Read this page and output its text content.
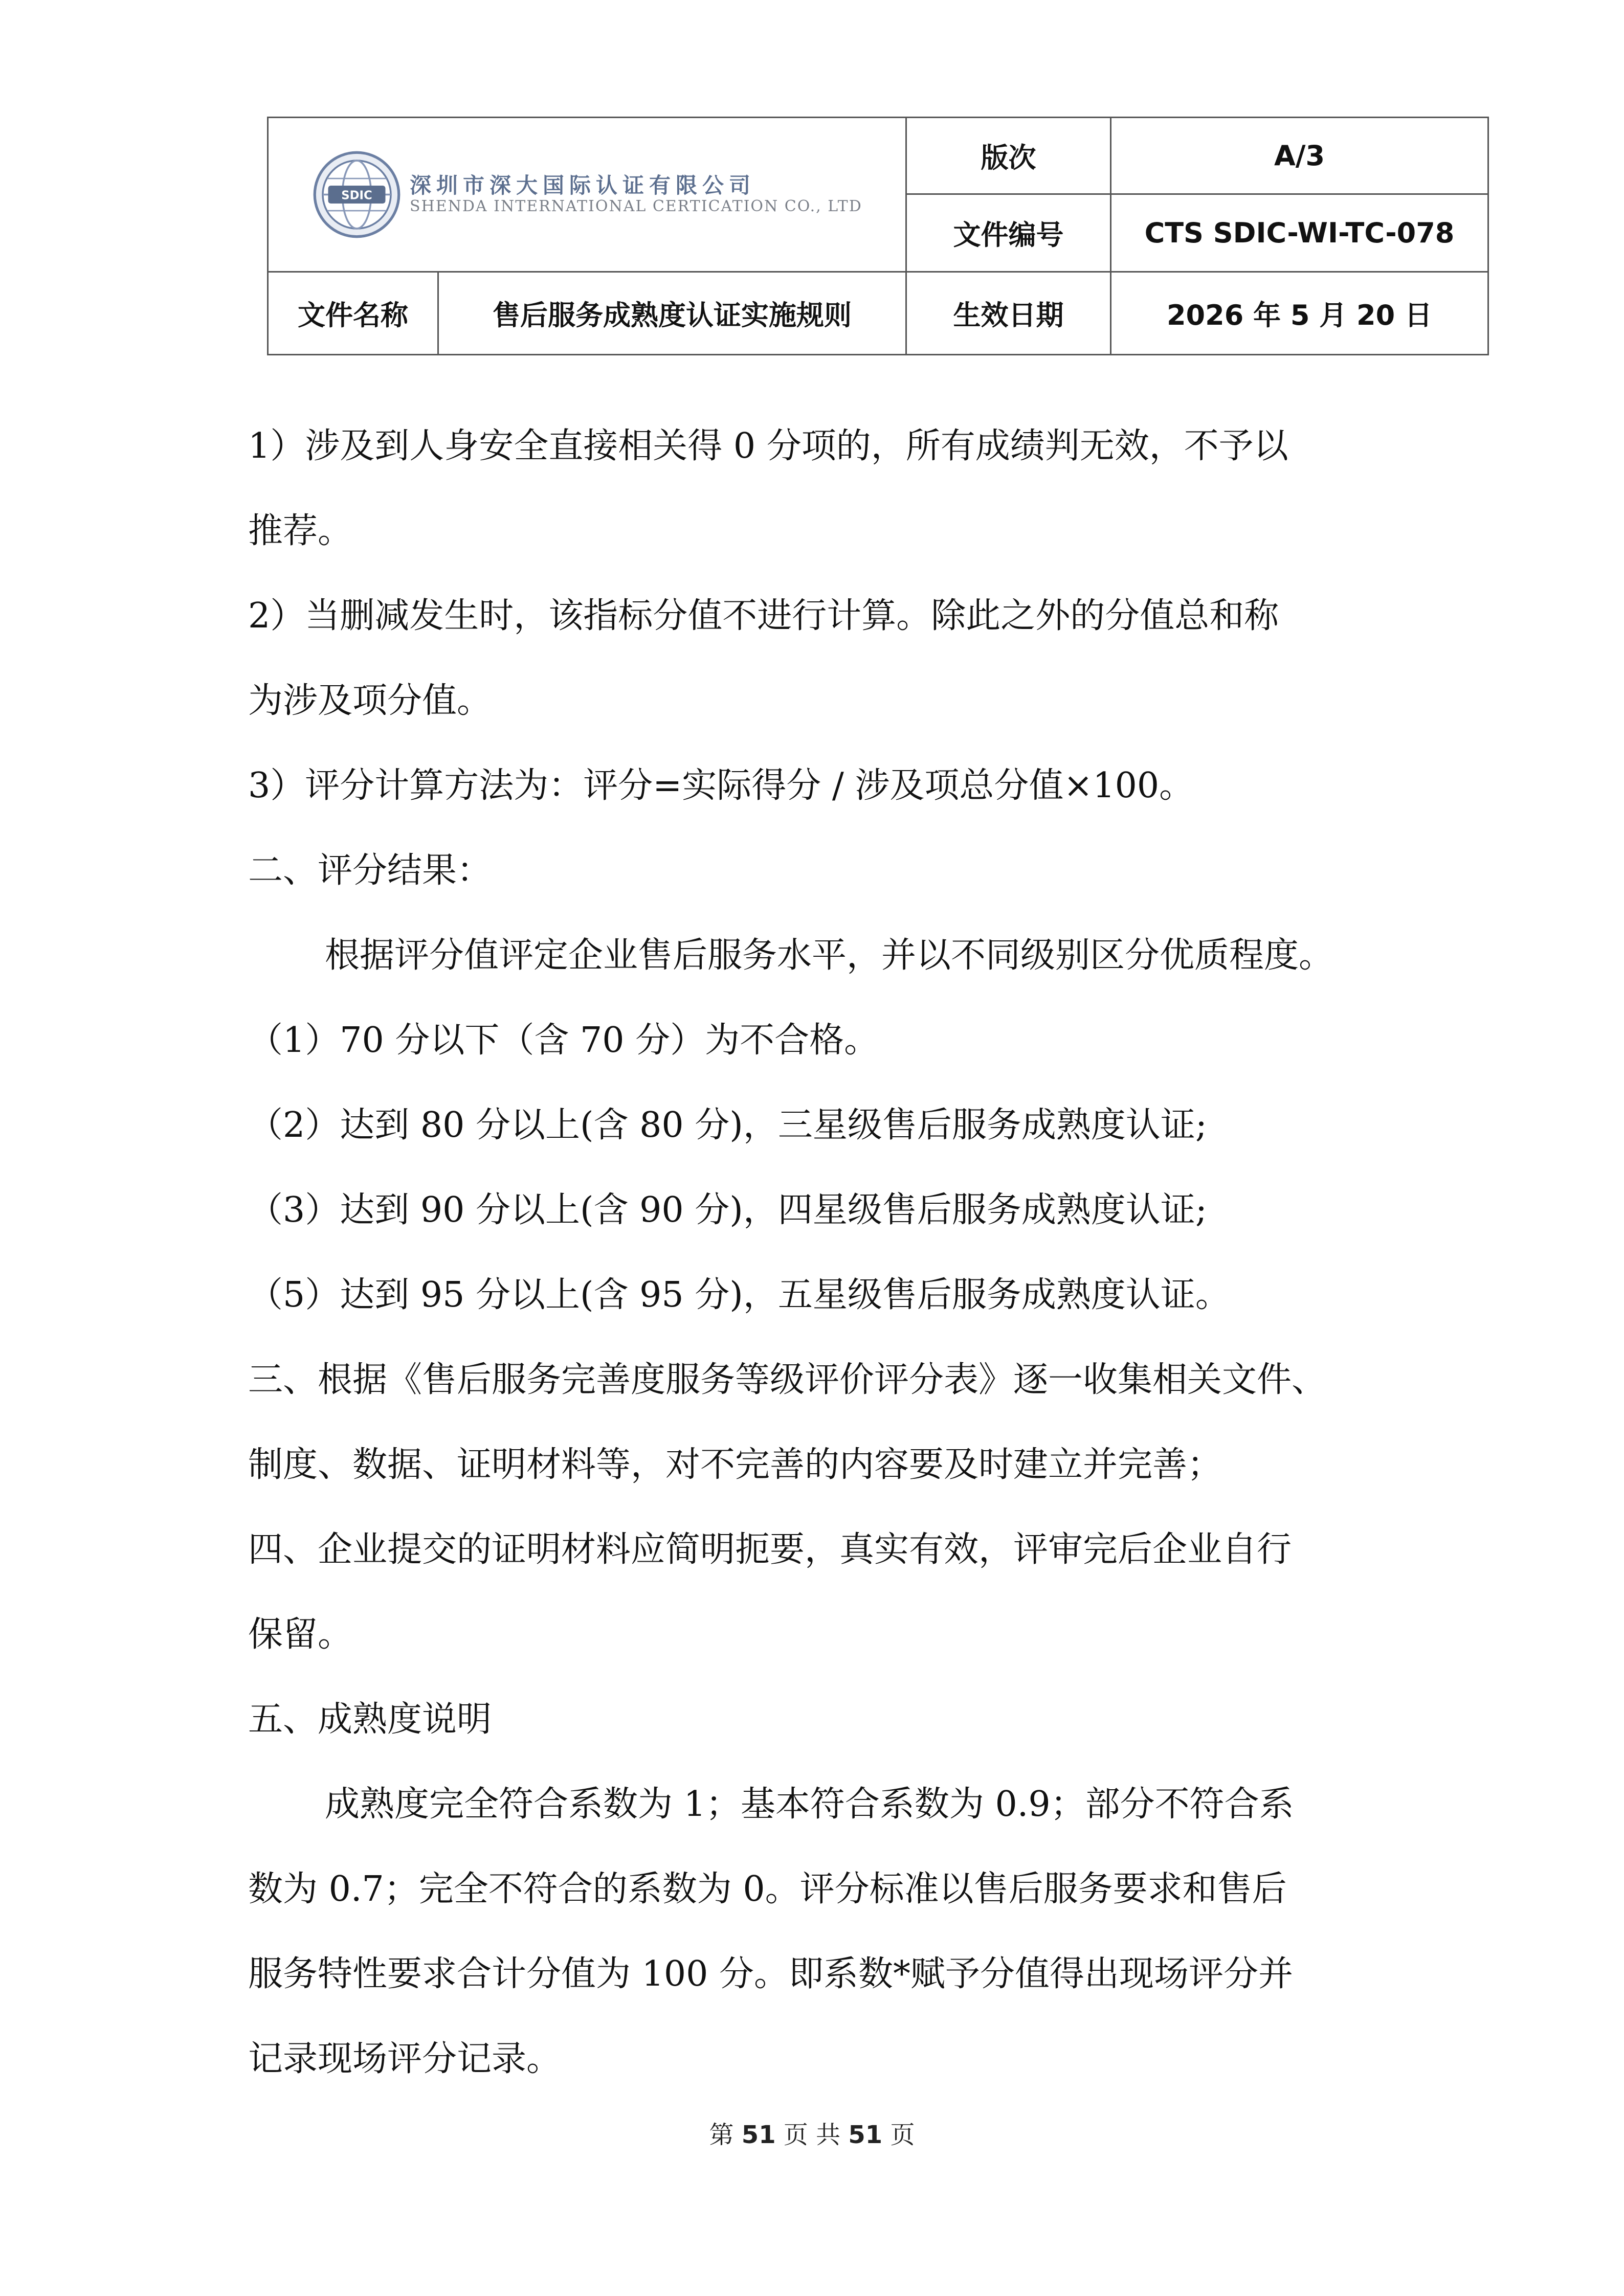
SDIC 深圳市深大国际认证有限公司
SHENDA INTERNATIONAL CERTICATION CO., LTD		版次	A/3
		文件编号	CTS SDIC-WI-TC-078
文件名称	售后服务成熟度认证实施规则	生效日期	2026 年 5 月 20 日

1）涉及到人身安全直接相关得 0 分项的，所有成绩判无效，不予以

推荐。

2）当删减发生时，该指标分值不进行计算。除此之外的分值总和称

为涉及项分值。

3）评分计算方法为：评分=实际得分 / 涉及项总分值×100。

二、评分结果：

根据评分值评定企业售后服务水平，并以不同级别区分优质程度。

（1）70 分以下（含 70 分）为不合格。

（2）达到 80 分以上(含 80 分)，三星级售后服务成熟度认证;

（3）达到 90 分以上(含 90 分)，四星级售后服务成熟度认证;

（5）达到 95 分以上(含 95 分)，五星级售后服务成熟度认证。

三、根据《售后服务完善度服务等级评价评分表》逐一收集相关文件、

制度、数据、证明材料等，对不完善的内容要及时建立并完善；

四、企业提交的证明材料应简明扼要，真实有效，评审完后企业自行

保留。

五、成熟度说明

成熟度完全符合系数为 1；基本符合系数为 0.9；部分不符合系

数为 0.7；完全不符合的系数为 0。评分标准以售后服务要求和售后

服务特性要求合计分值为 100 分。即系数*赋予分值得出现场评分并

记录现场评分记录。

第 51 页 共 51 页
